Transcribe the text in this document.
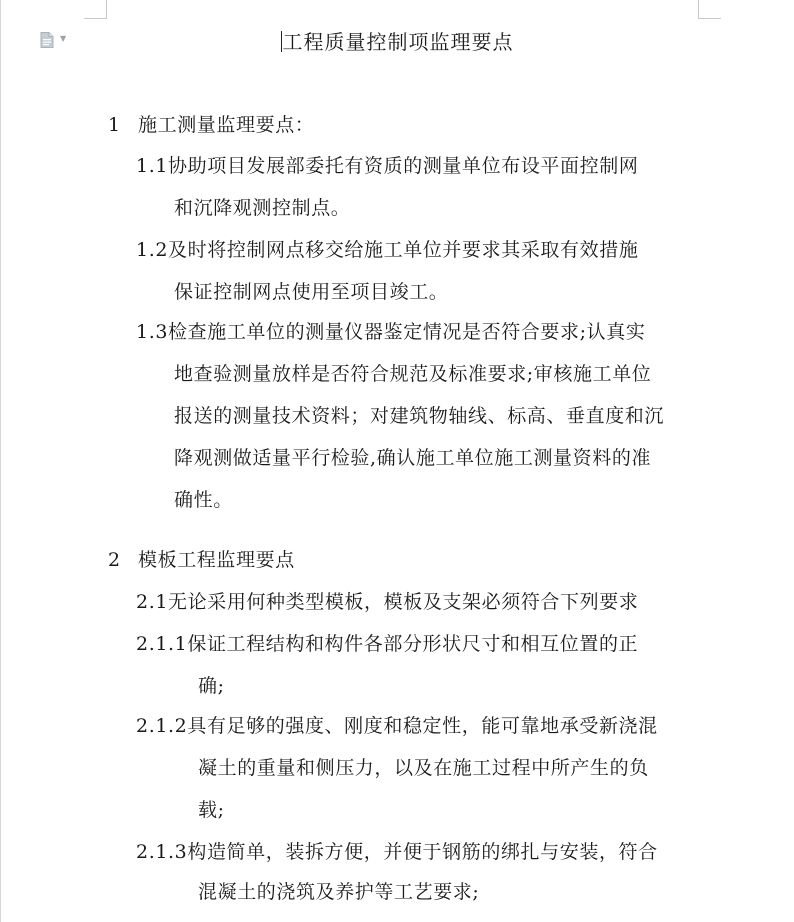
▼	工程质量控制项监理要点
1 施工测量监理要点：
1.1协助项目发展部委托有资质的测量单位布设平面控制网
和沉降观测控制点。
1.2及时将控制网点移交给施工单位并要求其采取有效措施
保证控制网点使用至项目竣工。
1.3检查施工单位的测量仪器鉴定情况是否符合要求;认真实
地查验测量放样是否符合规范及标准要求;审核施工单位
报送的测量技术资料；对建筑物轴线、标高、垂直度和沉
降观测做适量平行检验,确认施工单位施工测量资料的准
确性。
2 模板工程监理要点
2.1无论采用何种类型模板，模板及支架必须符合下列要求
2.1.1保证工程结构和构件各部分形状尺寸和相互位置的正
确;
2.1.2具有足够的强度、刚度和稳定性，能可靠地承受新浇混
凝土的重量和侧压力，以及在施工过程中所产生的负
载;
2.1.3构造简单，装拆方便，并便于钢筋的绑扎与安装，符合
混凝土的浇筑及养护等工艺要求;
